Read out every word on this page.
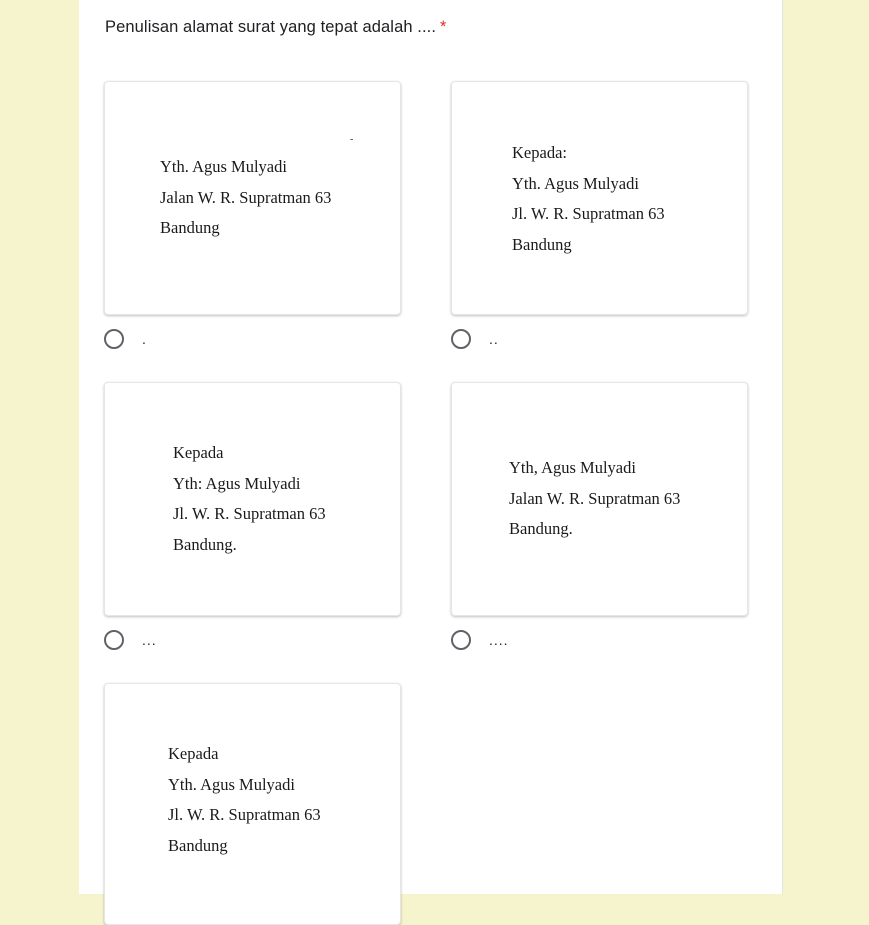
Penulisan alamat surat yang tepat adalah .... *
-
Yth. Agus Mulyadi
Jalan W. R. Supratman 63
Bandung
.
Kepada:
Yth. Agus Mulyadi
Jl. W. R. Supratman 63
Bandung
..
Kepada
Yth: Agus Mulyadi
Jl. W. R. Supratman 63
Bandung.
...
Yth, Agus Mulyadi
Jalan W. R. Supratman 63
Bandung.
....
Kepada
Yth. Agus Mulyadi
Jl. W. R. Supratman 63
Bandung
